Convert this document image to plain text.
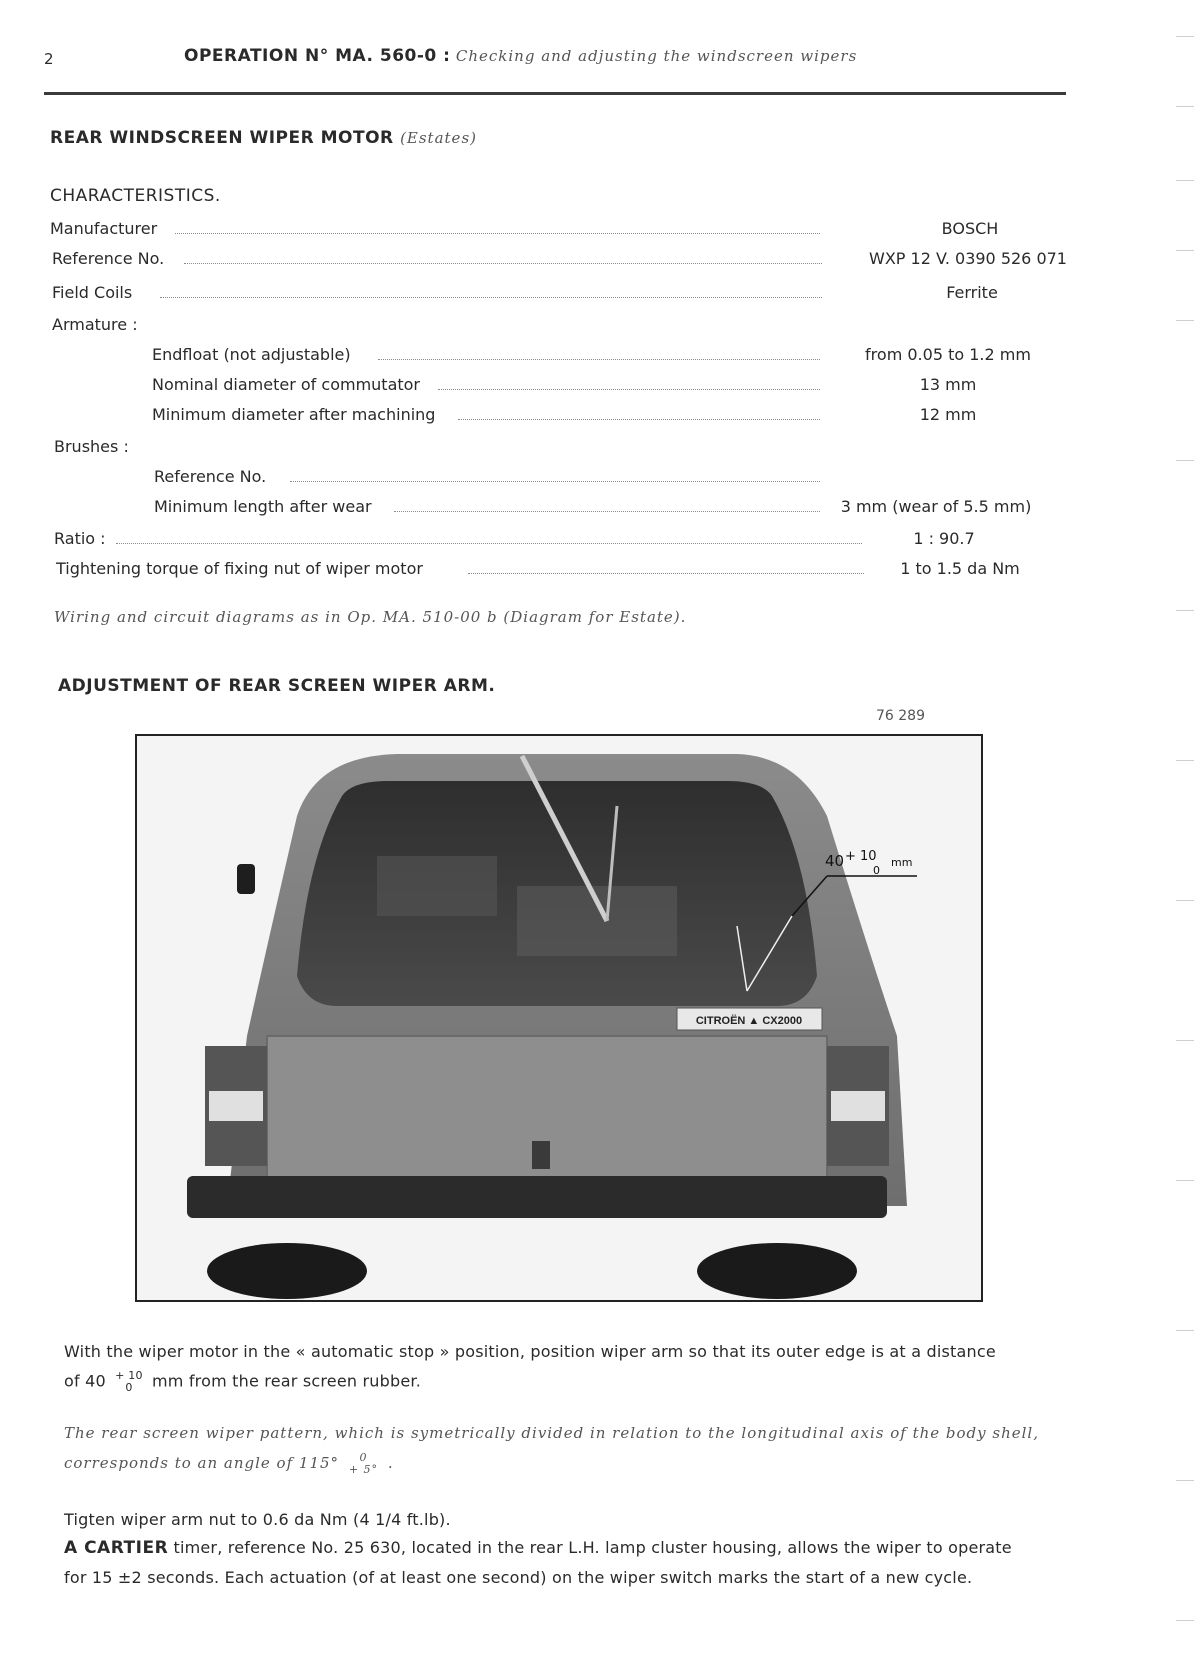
2	OPERATION N° MA. 560-0 : Checking and adjusting the windscreen wipers
REAR WINDSCREEN WIPER MOTOR (Estates)
CHARACTERISTICS.
Manufacturer	BOSCH
Reference No.	WXP 12 V. 0390 526 071
Field Coils	Ferrite
Armature :
Endfloat (not adjustable)	from 0.05 to 1.2 mm
Nominal diameter of commutator	13 mm
Minimum diameter after machining	12 mm
Brushes :
Reference No.
Minimum length after wear	3 mm (wear of 5.5 mm)
Ratio :	1 : 90.7
Tightening torque of fixing nut of wiper motor	1 to 1.5 da Nm
Wiring and circuit diagrams as in Op. MA. 510-00 b (Diagram for Estate).
ADJUSTMENT OF REAR SCREEN WIPER ARM.
76 289
CITROËN ▲ CX2000
40 + 10
0
mm
With the wiper motor in the « automatic stop » position, position wiper arm so that its outer edge is at a distance
of 40 + 10
0	mm from the rear screen rubber.
The rear screen wiper pattern, which is symetrically divided in relation to the longitudinal axis of the body shell,
corresponds to an angle of 115°	0
+ 5° .
Tigten wiper arm nut to 0.6 da Nm (4 1/4 ft.lb).
A CARTIER timer, reference No. 25 630, located in the rear L.H. lamp cluster housing, allows the wiper to operate
for 15 ±2 seconds. Each actuation (of at least one second) on the wiper switch marks the start of a new cycle.
